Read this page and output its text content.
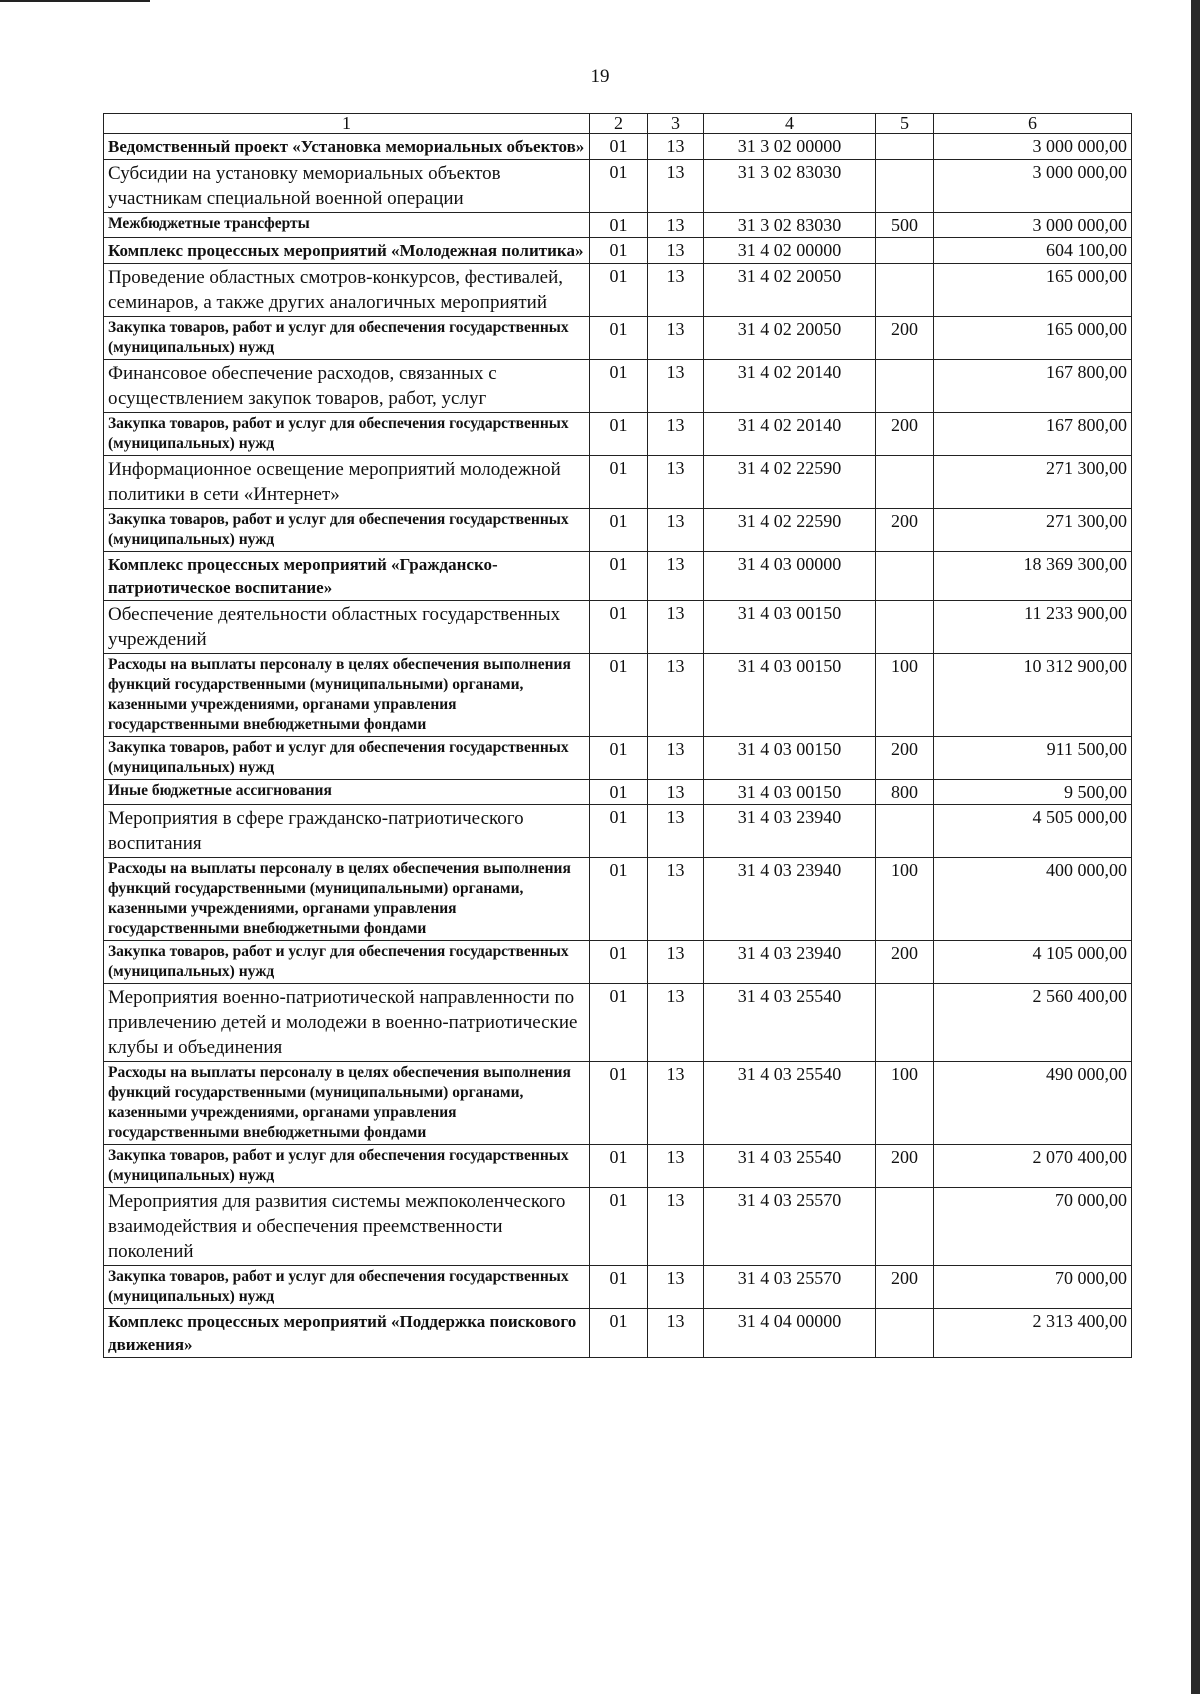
19
1	2	3	4	5	6
Ведомственный проект «Установка мемориальных объектов»	01	13	31 3 02 00000		3 000 000,00
Субсидии на установку мемориальных объектов участникам специальной военной операции	01	13	31 3 02 83030		3 000 000,00
Межбюджетные трансферты	01	13	31 3 02 83030	500	3 000 000,00
Комплекс процессных мероприятий «Молодежная политика»	01	13	31 4 02 00000		604 100,00
Проведение областных смотров-конкурсов, фестивалей, семинаров, а также других аналогичных мероприятий	01	13	31 4 02 20050		165 000,00
Закупка товаров, работ и услуг для обеспечения государственных (муниципальных) нужд	01	13	31 4 02 20050	200	165 000,00
Финансовое обеспечение расходов, связанных с осуществлением закупок товаров, работ, услуг	01	13	31 4 02 20140		167 800,00
Закупка товаров, работ и услуг для обеспечения государственных (муниципальных) нужд	01	13	31 4 02 20140	200	167 800,00
Информационное освещение мероприятий молодежной политики в сети «Интернет»	01	13	31 4 02 22590		271 300,00
Закупка товаров, работ и услуг для обеспечения государственных (муниципальных) нужд	01	13	31 4 02 22590	200	271 300,00
Комплекс процессных мероприятий «Гражданско-патриотическое воспитание»	01	13	31 4 03 00000		18 369 300,00
Обеспечение деятельности областных государственных учреждений	01	13	31 4 03 00150		11 233 900,00
Расходы на выплаты персоналу в целях обеспечения выполнения функций государственными (муниципальными) органами, казенными учреждениями, органами управления государственными внебюджетными фондами	01	13	31 4 03 00150	100	10 312 900,00
Закупка товаров, работ и услуг для обеспечения государственных (муниципальных) нужд	01	13	31 4 03 00150	200	911 500,00
Иные бюджетные ассигнования	01	13	31 4 03 00150	800	9 500,00
Мероприятия в сфере гражданско-патриотического воспитания	01	13	31 4 03 23940		4 505 000,00
Расходы на выплаты персоналу в целях обеспечения выполнения функций государственными (муниципальными) органами, казенными учреждениями, органами управления государственными внебюджетными фондами	01	13	31 4 03 23940	100	400 000,00
Закупка товаров, работ и услуг для обеспечения государственных (муниципальных) нужд	01	13	31 4 03 23940	200	4 105 000,00
Мероприятия военно-патриотической направленности по привлечению детей и молодежи в военно-патриотические клубы и объединения	01	13	31 4 03 25540		2 560 400,00
Расходы на выплаты персоналу в целях обеспечения выполнения функций государственными (муниципальными) органами, казенными учреждениями, органами управления государственными внебюджетными фондами	01	13	31 4 03 25540	100	490 000,00
Закупка товаров, работ и услуг для обеспечения государственных (муниципальных) нужд	01	13	31 4 03 25540	200	2 070 400,00
Мероприятия для развития системы межпоколенческого взаимодействия и обеспечения преемственности поколений	01	13	31 4 03 25570		70 000,00
Закупка товаров, работ и услуг для обеспечения государственных (муниципальных) нужд	01	13	31 4 03 25570	200	70 000,00
Комплекс процессных мероприятий «Поддержка поискового движения»	01	13	31 4 04 00000		2 313 400,00
